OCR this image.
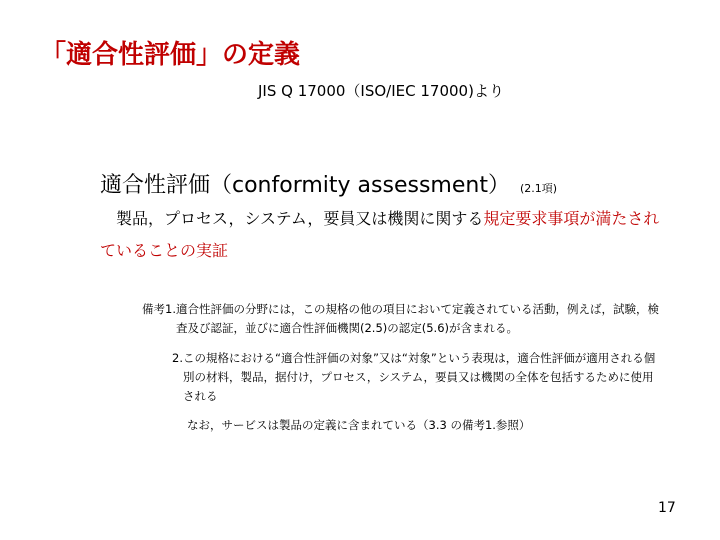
「適合性評価」の定義
JIS Q 17000（ISO/IEC 17000)より
適合性評価（conformity assessment） (2.1項)
　製品，プロセス，システム，要員又は機関に関する規定要求事項が満たされていることの実証
備考1. 適合性評価の分野には，この規格の他の項目において定義されている活動，例えば，試験，検査及び認証，並びに適合性評価機関(2.5)の認定(5.6)が含まれる。
2. この規格における“適合性評価の対象”又は“対象”という表現は，適合性評価が適用される個別の材料，製品，据付け，プロセス，システム，要員又は機関の全体を包括するために使用される
なお，サービスは製品の定義に含まれている（3.3 の備考1.参照）
17
